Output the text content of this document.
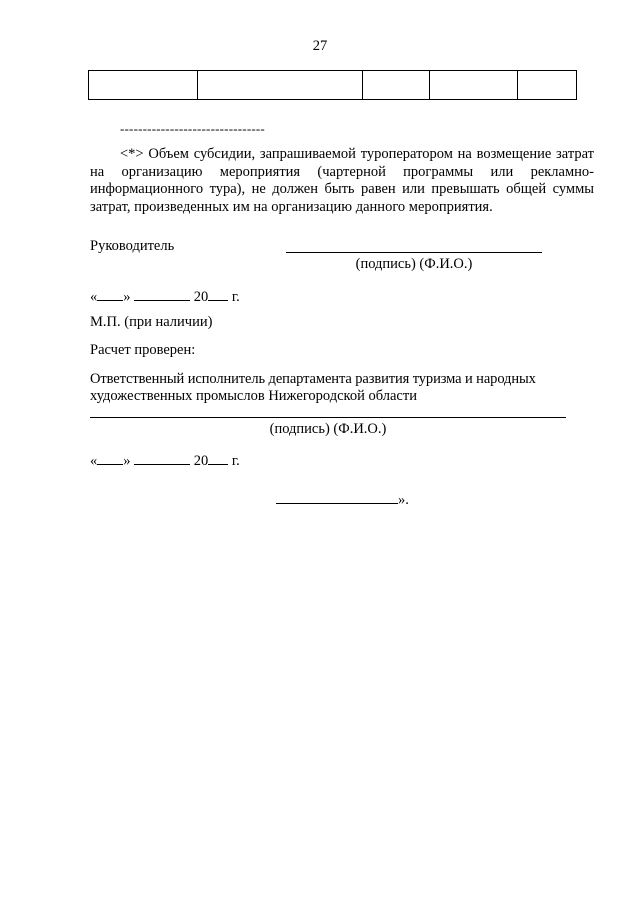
27

--------------------------------
<*> Объем субсидии, запрашиваемой туроператором на возмещение затрат на организацию мероприятия (чартерной программы или рекламно-информационного тура), не должен быть равен или превышать общей суммы затрат, произведенных им на организацию данного мероприятия.
Руководитель
(подпись) (Ф.И.О.)
« »	20 г.
М.П. (при наличии)
Расчет проверен:
Ответственный исполнитель департамента развития туризма и народных
художественных промыслов Нижегородской области
(подпись) (Ф.И.О.)
« »	20 г.
».
